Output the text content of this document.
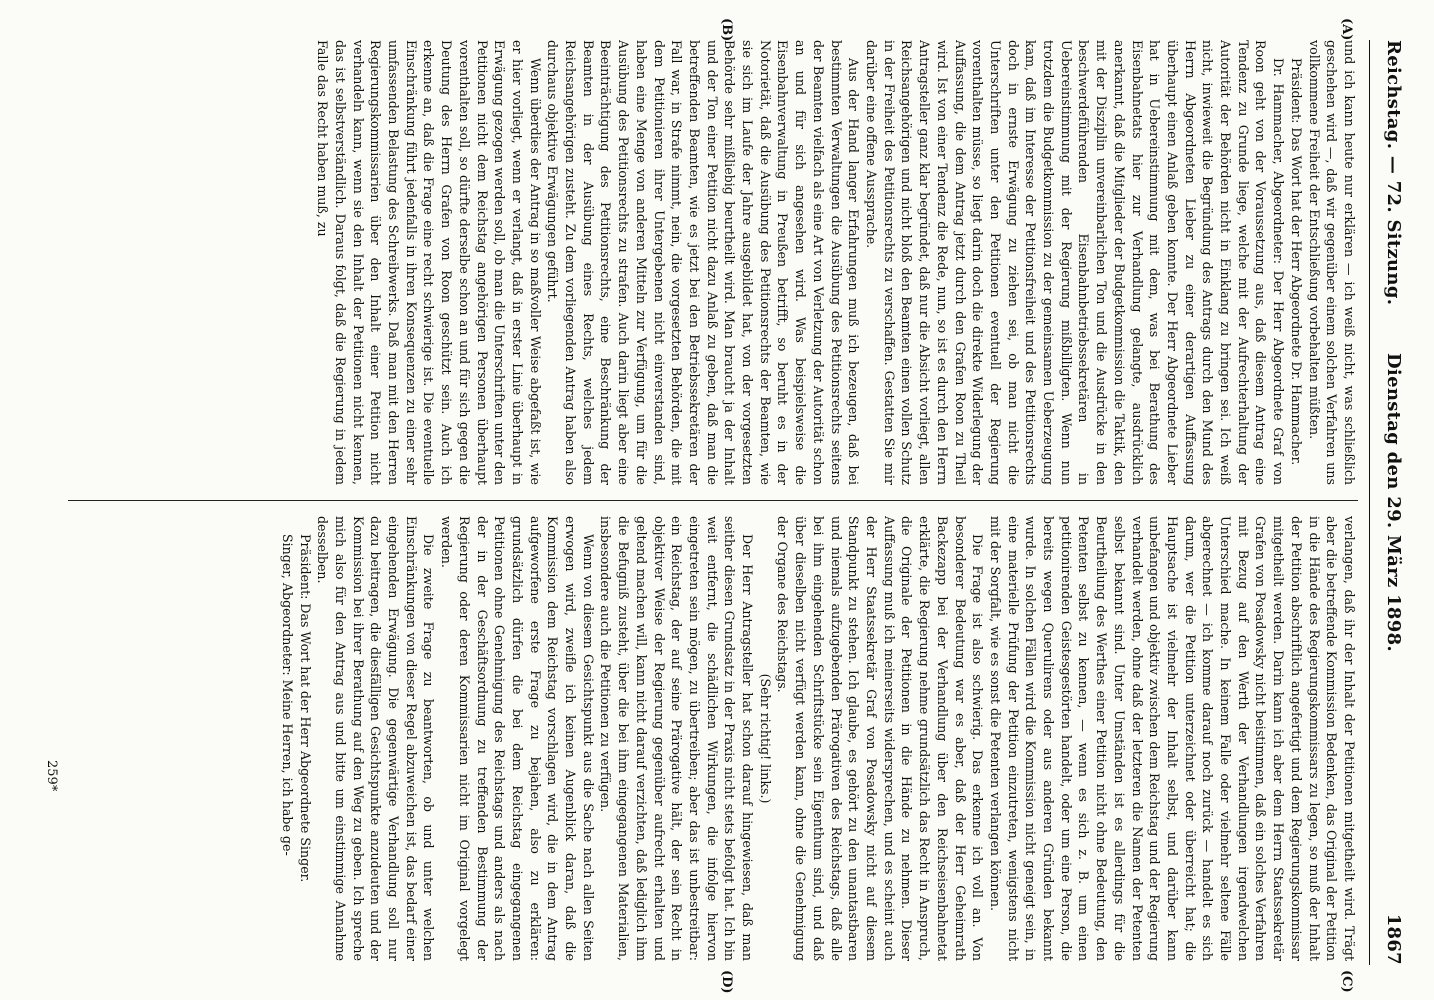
Reichstag. — 72. Sitzung.
Dienstag den 29. März 1898.
1867
(A)
(B)
(C)
(D)

und ich kann heute nur erklären — ich weiß nicht, was schließlich geschehen wird —, daß wir gegenüber einem solchen Verfahren uns vollkommene Freiheit der Entschließung vorbehalten müßten.

Präsident: Das Wort hat der Herr Abgeordnete Dr. Hammacher.

Dr. Hammacher, Abgeordneter: Der Herr Abgeordnete Graf von Roon geht von der Voraussetzung aus, daß diesem Antrag eine Tendenz zu Grunde liege, welche mit der Aufrechterhaltung der Autorität der Behörden nicht in Einklang zu bringen sei. Ich weiß nicht, inwieweit die Begründung des Antrags durch den Mund des Herrn Abgeordneten Lieber zu einer derartigen Auffassung überhaupt einen Anlaß geben konnte. Der Herr Abgeordnete Lieber hat in Uebereinstimmung mit dem, was bei Berathung des Eisenbahnetats hier zur Verhandlung gelangte, ausdrücklich anerkannt, daß die Mitglieder der Budgetkommission die Taktik, den mit der Disziplin unvereinbarlichen Ton und die Ausdrücke in den beschwerdeführenden Eisenbahnbetriebssekretären in Uebereinstimmung mit der Regierung mißbilligten. Wenn nun trotzdem die Budgetkommission zu der gemeinsamen Ueberzeugung kam, daß im Interesse der Petitionsfreiheit und des Petitionsrechts doch in ernste Erwägung zu ziehen sei, ob man nicht die Unterschriften unter den Petitionen eventuell der Regierung vorenthalten müsse, so liegt darin doch die direkte Widerlegung der Auffassung, die dem Antrag jetzt durch den Grafen Roon zu Theil wird. Ist von einer Tendenz die Rede, nun, so ist es durch den Herrn Antragsteller ganz klar begründet, daß nur die Absicht vorliegt, allen Reichsangehörigen und nicht bloß den Beamten einen vollen Schutz in der Freiheit des Petitionsrechts zu verschaffen. Gestatten Sie mir darüber eine offene Aussprache.

Aus der Hand langer Erfahrungen muß ich bezeugen, daß bei bestimmten Verwaltungen die Ausübung des Petitionsrechts seitens der Beamten vielfach als eine Art von Verletzung der Autorität schon an und für sich angesehen wird. Was beispielsweise die Eisenbahnverwaltung in Preußen betrifft, so beruht es in der Notorietät, daß die Ausübung des Petitionsrechts der Beamten, wie sie sich im Laufe der Jahre ausgebildet hat, von der vorgesetzten Behörde sehr mißliebig beurtheilt wird. Man braucht ja der Inhalt und der Ton einer Petition nicht dazu Anlaß zu geben, daß man die betreffenden Beamten, wie es jetzt bei den Betriebssekretären der Fall war, in Strafe nimmt, nein, die vorgesetzten Behörden, die mit dem Petitionieren ihrer Untergebenen nicht einverstanden sind, haben eine Menge von anderen Mitteln zur Verfügung, um für die Ausübung des Petitionsrechts zu strafen. Auch darin liegt aber eine Beeinträchtigung des Petitionsrechts, eine Beschränkung der Beamten in der Ausübung eines Rechts, welches jedem Reichsangehörigen zusteht. Zu dem vorliegenden Antrag haben also durchaus objektive Erwägungen geführt.

Wenn überdies der Antrag in so maßvoller Weise abgefaßt ist, wie er hier vorliegt, wenn er verlangt, daß in erster Linie überhaupt in Erwägung gezogen werden soll, ob man die Unterschriften unter den Petitionen nicht dem Reichstag angehörigen Personen überhaupt vorenthalten soll, so dürfte derselbe schon an und für sich gegen die Deutung des Herrn Grafen von Roon geschützt sein. Auch ich erkenne an, daß die Frage eine recht schwierige ist. Die eventuelle Einschränkung führt jedenfalls in ihren Konsequenzen zu einer sehr umfassenden Belastung des Schreibwerks. Daß man mit den Herren Regierungskommissarien über den Inhalt einer Petition nicht verhandeln kann, wenn sie den Inhalt der Petitionen nicht kennen, das ist selbstverständlich. Daraus folgt, daß die Regierung in jedem Falle das Recht haben muß, zu

verlangen, daß ihr der Inhalt der Petitionen mitgetheilt wird. Trägt aber die betreffende Kommission Bedenken, das Original der Petition in die Hände des Regierungskommissars zu legen, so muß der Inhalt der Petition abschriftlich angefertigt und dem Regierungskommissar mitgetheilt werden. Darin kann ich aber dem Herrn Staatssekretär Grafen von Posadowsky nicht beistimmen, daß ein solches Verfahren mit Bezug auf den Werth der Verhandlungen irgendwelchen Unterschied mache. In keinem Falle oder vielmehr seltene Fälle abgerechnet — ich komme darauf noch zurück — handelt es sich darum, wer die Petition unterzeichnet oder überreicht hat; die Hauptsache ist vielmehr der Inhalt selbst, und darüber kann unbefangen und objektiv zwischen dem Reichstag und der Regierung verhandelt werden, ohne daß der letzteren die Namen der Petenten selbst bekannt sind. Unter Umständen ist es allerdings für die Beurtheilung des Werthes einer Petition nicht ohne Bedeutung, den Petenten selbst zu kennen, — wenn es sich z. B. um einen petitionirenden Geistesgestörten handelt, oder um eine Person, die bereits wegen Querulirens oder aus anderen Gründen bekannt wurde. In solchen Fällen wird die Kommission nicht geneigt sein, in eine materielle Prüfung der Petition einzutreten, wenigstens nicht mit der Sorgfalt, wie es sonst die Petenten verlangen können.

Die Frage ist also schwierig. Das erkenne ich voll an. Von besonderer Bedeutung war es aber, daß der Herr Geheimrath Backezapp bei der Verhandlung über den Reichseisenbahnetat erklärte, die Regierung nehme grundsätzlich das Recht in Anspruch, die Originale der Petitionen in die Hände zu nehmen. Dieser Auffassung muß ich meinerseits widersprechen, und es scheint auch der Herr Staatssekretär Graf von Posadowsky nicht auf diesem Standpunkt zu stehen. Ich glaube, es gehört zu den unantastbaren und niemals aufzugebenden Prärogativen des Reichstags, daß alle bei ihm eingehenden Schriftstücke sein Eigenthum sind, und daß über dieselben nicht verfügt werden kann, ohne die Genehmigung der Organe des Reichstags.

(Sehr richtig! links.)

Der Herr Antragsteller hat schon darauf hingewiesen, daß man seither diesen Grundsatz in der Praxis nicht stets befolgt hat. Ich bin weit entfernt, die schädlichen Wirkungen, die infolge hiervon eingetreten sein mögen, zu übertreiben; aber das ist unbestreitbar: ein Reichstag, der auf seine Prärogative hält, der sein Recht in objektiver Weise der Regierung gegenüber aufrecht erhalten und geltend machen will, kann nicht darauf verzichten, daß lediglich ihm die Befugniß zusteht, über die bei ihm eingegangenen Materialien, insbesondere auch die Petitionen zu verfügen.

Wenn von diesem Gesichtspunkt aus die Sache nach allen Seiten erwogen wird, zweifle ich keinen Augenblick daran, daß die Kommission dem Reichstag vorschlagen wird, die in dem Antrag aufgeworfene erste Frage zu bejahen, also zu erklären: grundsätzlich dürfen die bei dem Reichstag eingegangenen Petitionen ohne Genehmigung des Reichstags und anders als nach der in der Geschäftsordnung zu treffenden Bestimmung der Regierung oder deren Kommissarien nicht im Original vorgelegt werden.

Die zweite Frage zu beantworten, ob und unter welchen Einschränkungen von dieser Regel abzuweichen ist, das bedarf einer eingehenden Erwägung. Die gegenwärtige Verhandlung soll nur dazu beitragen, die diesfälligen Gesichtspunkte anzudeuten und der Kommission bei ihrer Berathung auf den Weg zu geben. Ich spreche mich also für den Antrag aus und bitte um einstimmige Annahme desselben.

Präsident: Das Wort hat der Herr Abgeordnete Singer.

Singer, Abgeordneter: Meine Herren, ich habe ge-

259*
